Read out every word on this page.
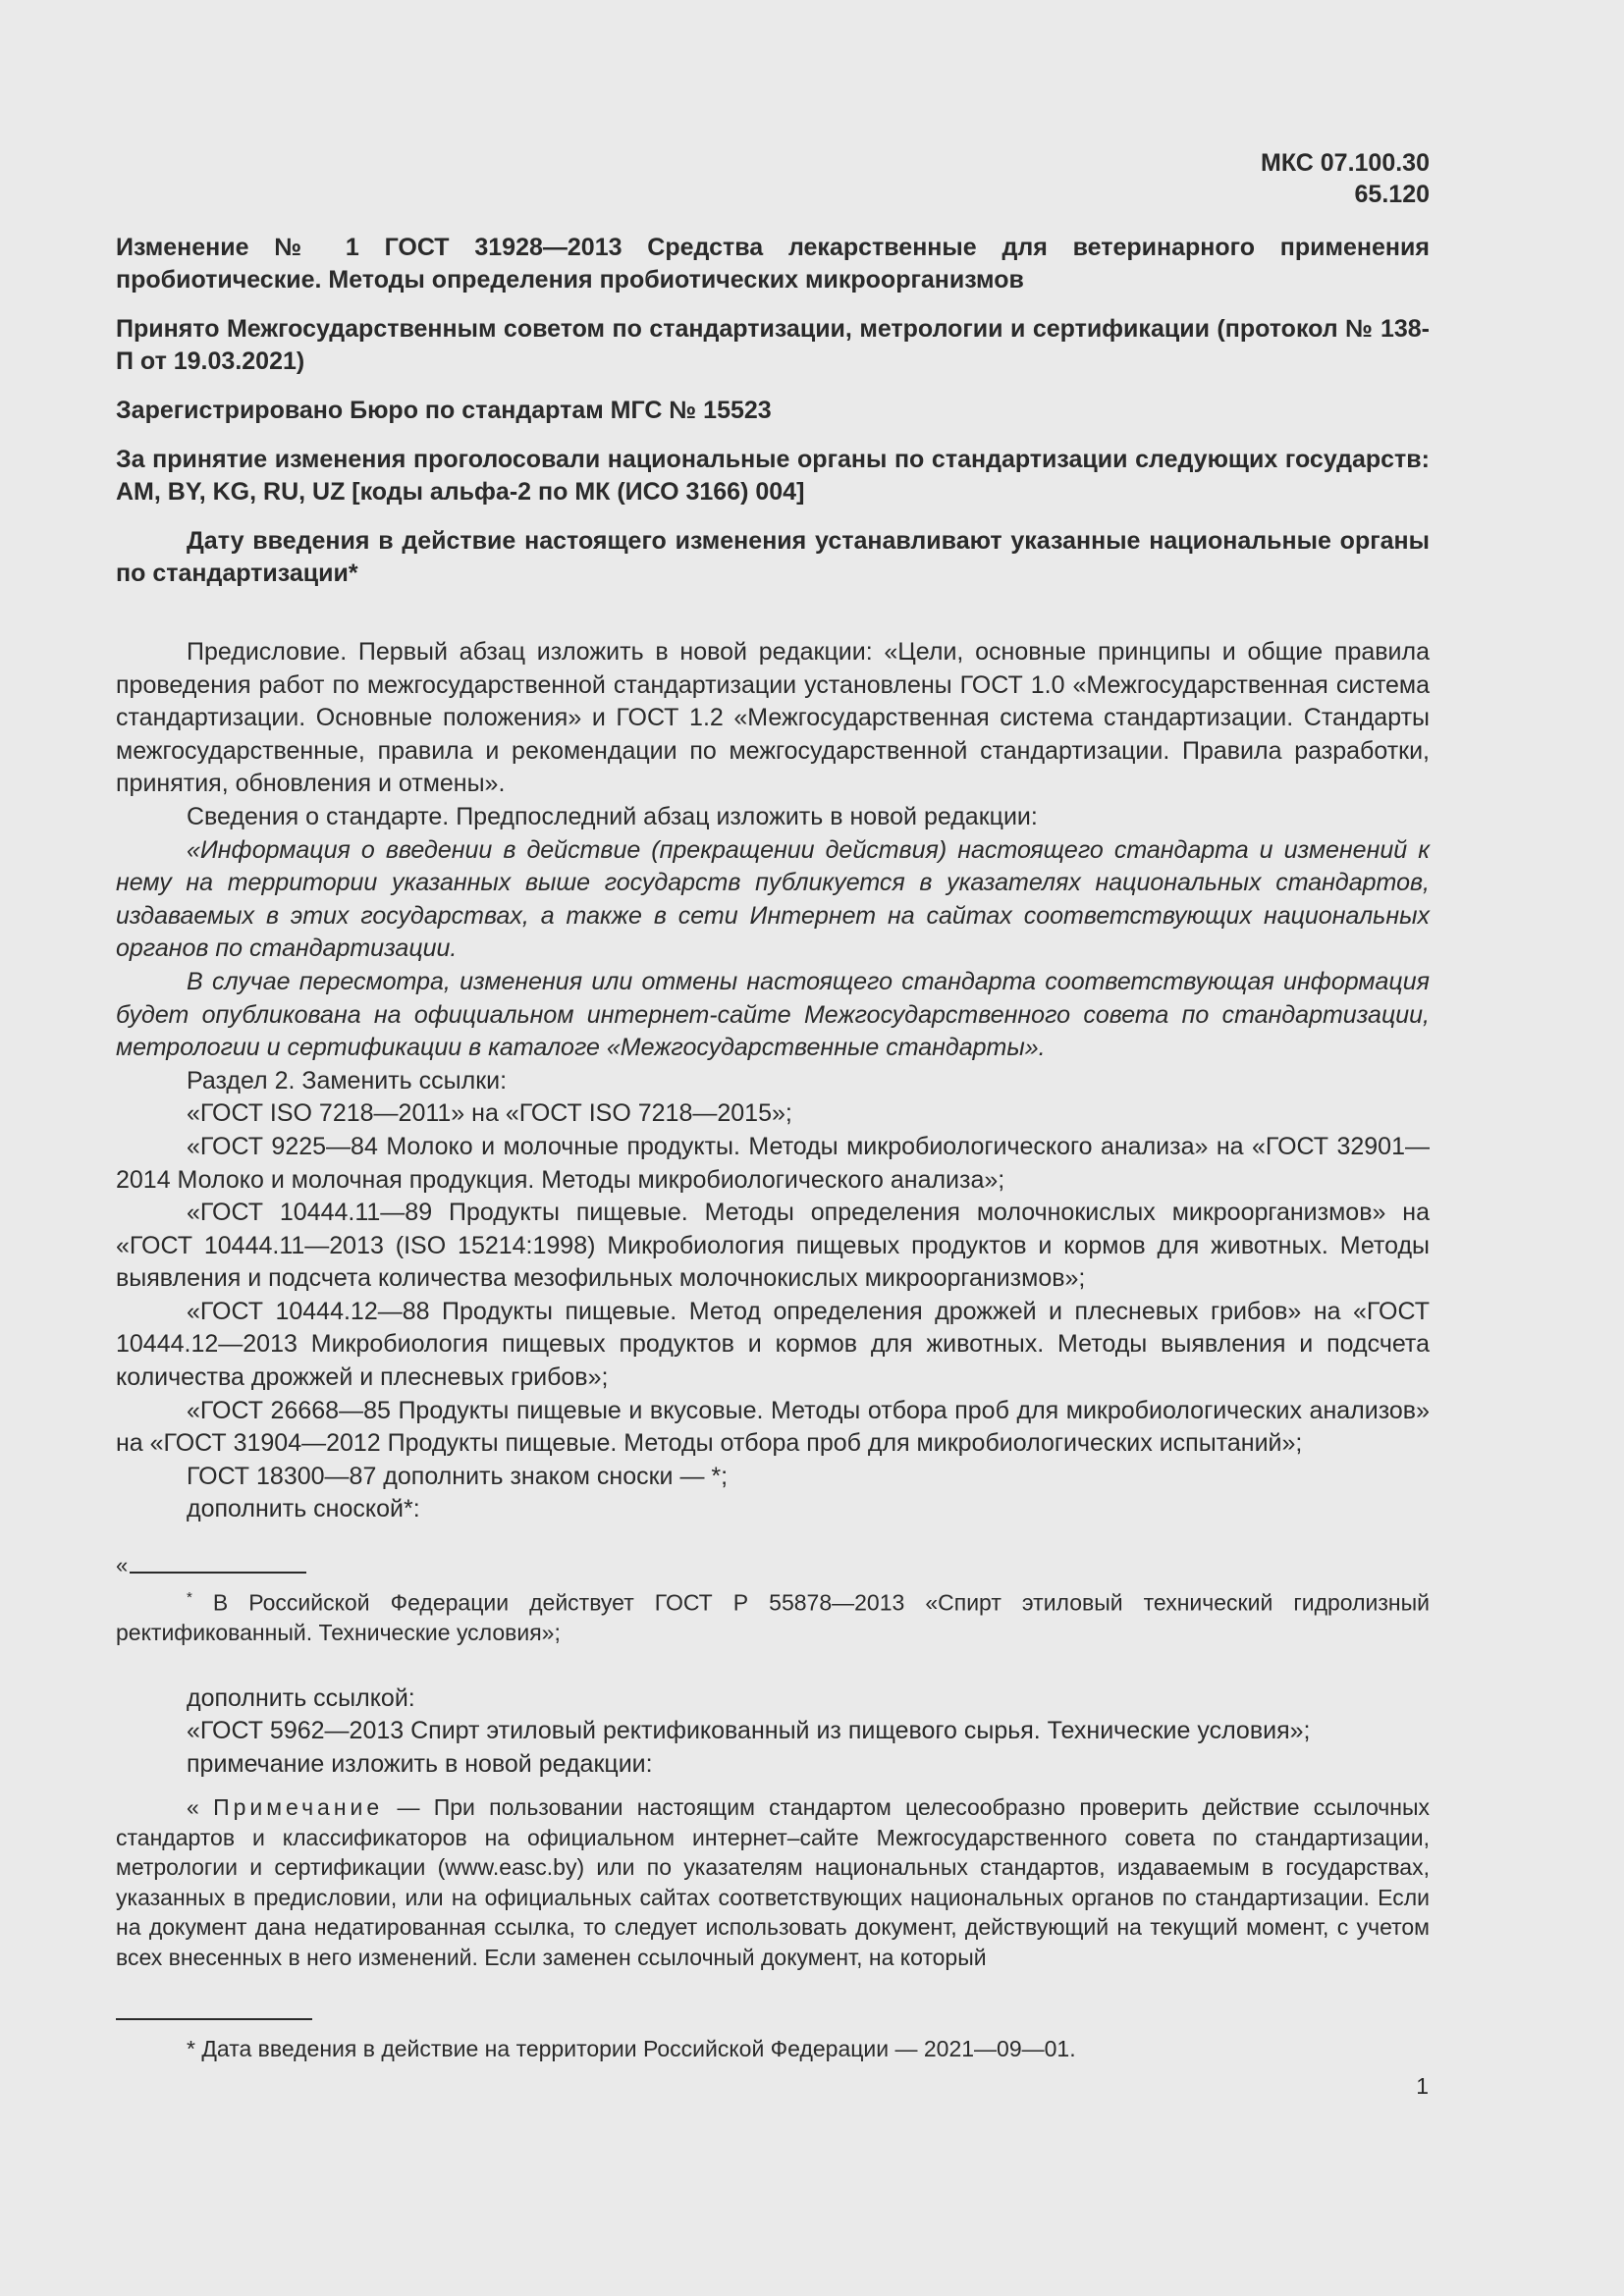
МКС 07.100.30
65.120

Изменение № 1 ГОСТ 31928—2013 Средства лекарственные для ветеринарного применения пробиотические. Методы определения пробиотических микроорганизмов

Принято Межгосударственным советом по стандартизации, метрологии и сертификации (протокол № 138-П от 19.03.2021)

Зарегистрировано Бюро по стандартам МГС № 15523

За принятие изменения проголосовали национальные органы по стандартизации следующих государств: AM, BY, KG, RU, UZ [коды альфа-2 по МК (ИСО 3166) 004]

Дату введения в действие настоящего изменения устанавливают указанные национальные органы по стандартизации*

Предисловие. Первый абзац изложить в новой редакции: «Цели, основные принципы и общие правила проведения работ по межгосударственной стандартизации установлены ГОСТ 1.0 «Межгосударственная система стандартизации. Основные положения» и ГОСТ 1.2 «Межгосударственная система стандартизации. Стандарты межгосударственные, правила и рекомендации по межгосударственной стандартизации. Правила разработки, принятия, обновления и отмены».

Сведения о стандарте. Предпоследний абзац изложить в новой редакции:

«Информация о введении в действие (прекращении действия) настоящего стандарта и изменений к нему на территории указанных выше государств публикуется в указателях национальных стандартов, издаваемых в этих государствах, а также в сети Интернет на сайтах соответствующих национальных органов по стандартизации.

В случае пересмотра, изменения или отмены настоящего стандарта соответствующая информация будет опубликована на официальном интернет-сайте Межгосударственного совета по стандартизации, метрологии и сертификации в каталоге «Межгосударственные стандарты».

Раздел 2. Заменить ссылки:

«ГОСТ ISO 7218—2011» на «ГОСТ ISO 7218—2015»;

«ГОСТ 9225—84 Молоко и молочные продукты. Методы микробиологического анализа» на «ГОСТ 32901—2014 Молоко и молочная продукция. Методы микробиологического анализа»;

«ГОСТ 10444.11—89 Продукты пищевые. Методы определения молочнокислых микроорганизмов» на «ГОСТ 10444.11—2013 (ISO 15214:1998) Микробиология пищевых продуктов и кормов для животных. Методы выявления и подсчета количества мезофильных молочнокислых микроорганизмов»;

«ГОСТ 10444.12—88 Продукты пищевые. Метод определения дрожжей и плесневых грибов» на «ГОСТ 10444.12—2013 Микробиология пищевых продуктов и кормов для животных. Методы выявления и подсчета количества дрожжей и плесневых грибов»;

«ГОСТ 26668—85 Продукты пищевые и вкусовые. Методы отбора проб для микробиологических анализов» на «ГОСТ 31904—2012 Продукты пищевые. Методы отбора проб для микробиологических испытаний»;

ГОСТ 18300—87 дополнить знаком сноски — *;

дополнить сноской*:

«

* В Российской Федерации действует ГОСТ Р 55878—2013 «Спирт этиловый технический гидролизный ректификованный. Технические условия»;

дополнить ссылкой:

«ГОСТ 5962—2013 Спирт этиловый ректификованный из пищевого сырья. Технические условия»;

примечание изложить в новой редакции:

« Примечание — При пользовании настоящим стандартом целесообразно проверить действие ссылочных стандартов и классификаторов на официальном интернет–сайте Межгосударственного совета по стандартизации, метрологии и сертификации (www.easc.by) или по указателям национальных стандартов, издаваемым в государствах, указанных в предисловии, или на официальных сайтах соответствующих национальных органов по стандартизации. Если на документ дана недатированная ссылка, то следует использовать документ, действующий на текущий момент, с учетом всех внесенных в него изменений. Если заменен ссылочный документ, на который

* Дата введения в действие на территории Российской Федерации — 2021—09—01.
1
